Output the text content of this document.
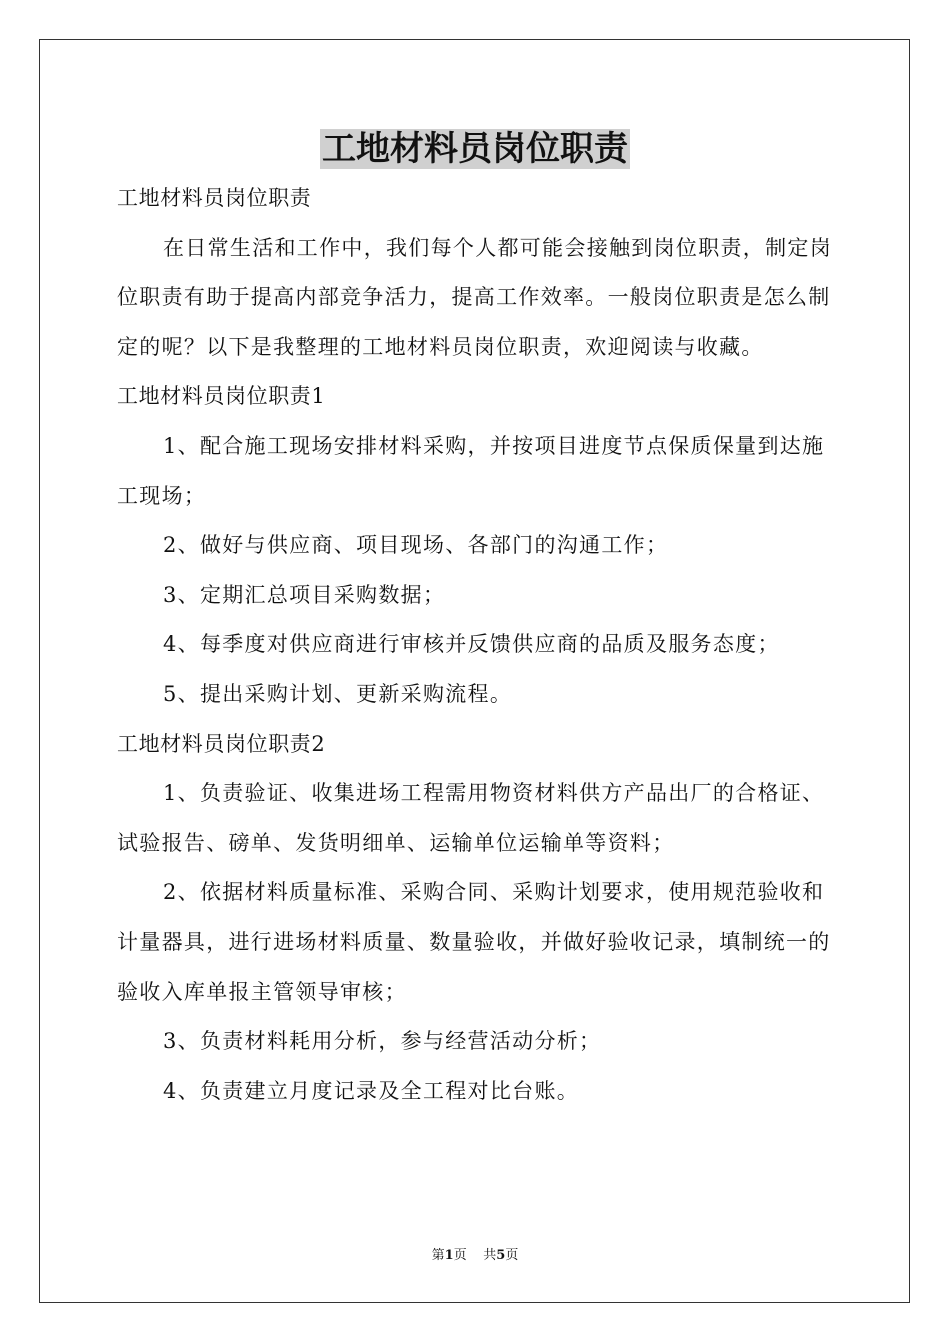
工地材料员岗位职责

工地材料员岗位职责

在日常生活和工作中，我们每个人都可能会接触到岗位职责，制定岗位职责有助于提高内部竞争活力，提高工作效率。一般岗位职责是怎么制定的呢？以下是我整理的工地材料员岗位职责，欢迎阅读与收藏。

工地材料员岗位职责1

1、配合施工现场安排材料采购，并按项目进度节点保质保量到达施工现场；

2、做好与供应商、项目现场、各部门的沟通工作；

3、定期汇总项目采购数据；

4、每季度对供应商进行审核并反馈供应商的品质及服务态度；

5、提出采购计划、更新采购流程。

工地材料员岗位职责2

1、负责验证、收集进场工程需用物资材料供方产品出厂的合格证、试验报告、磅单、发货明细单、运输单位运输单等资料；

2、依据材料质量标准、采购合同、采购计划要求，使用规范验收和计量器具，进行进场材料质量、数量验收，并做好验收记录，填制统一的验收入库单报主管领导审核；

3、负责材料耗用分析，参与经营活动分析；

4、负责建立月度记录及全工程对比台账。

第1页 共5页
